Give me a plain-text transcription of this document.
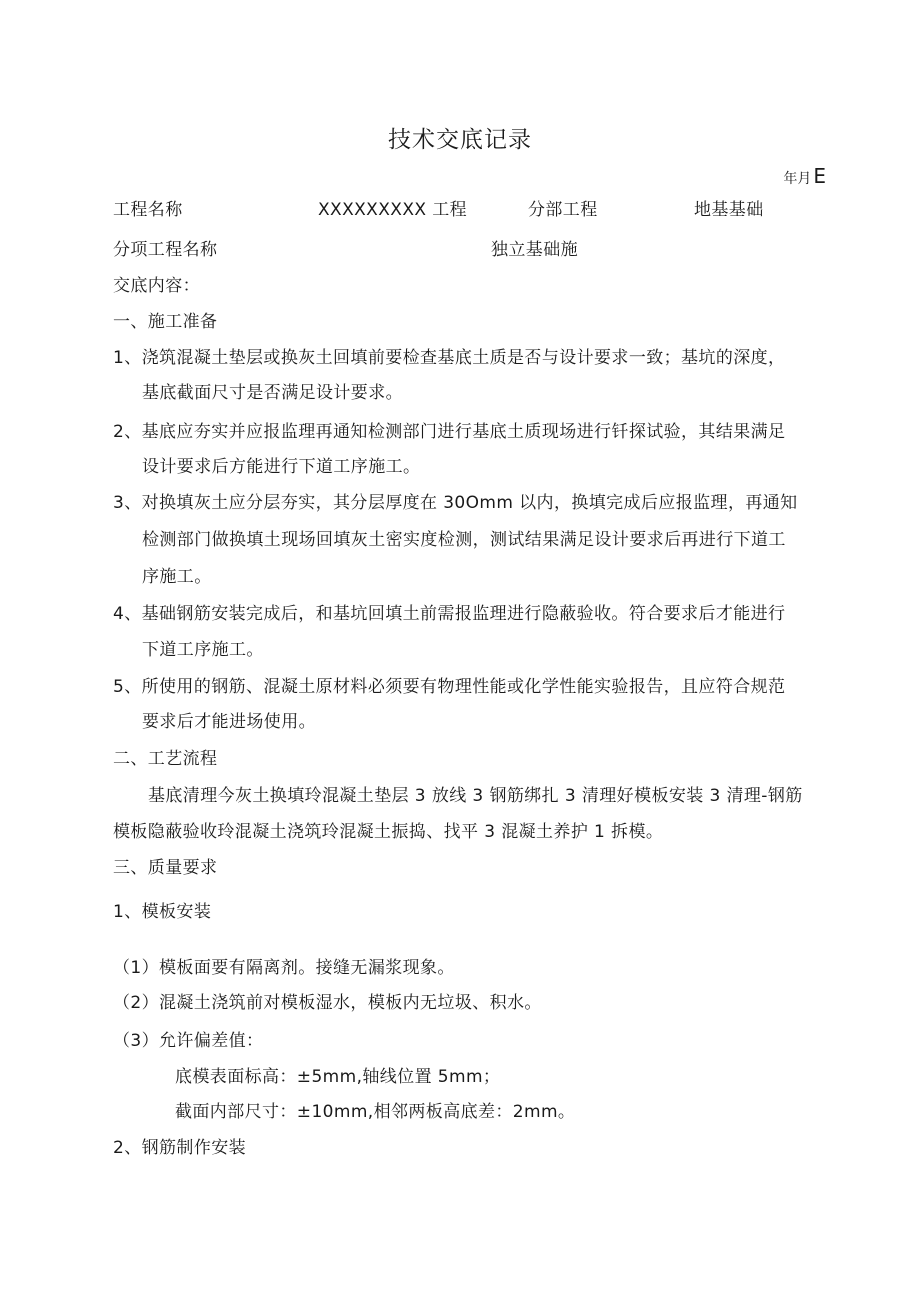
技术交底记录
年月 E
工程名称	XXXXXXXXX 工程	分部工程	地基基础
分项工程名称	独立基础施
交底内容：
一、施工准备
1、浇筑混凝土垫层或换灰土回填前要检查基底土质是否与设计要求一致；基坑的深度，
基底截面尺寸是否满足设计要求。
2、基底应夯实并应报监理再通知检测部门进行基底土质现场进行钎探试验，其结果满足
设计要求后方能进行下道工序施工。
3、对换填灰土应分层夯实，其分层厚度在 30Omm 以内，换填完成后应报监理，再通知
检测部门做换填土现场回填灰土密实度检测，测试结果满足设计要求后再进行下道工
序施工。
4、基础钢筋安装完成后，和基坑回填土前需报监理进行隐蔽验收。符合要求后才能进行
下道工序施工。
5、所使用的钢筋、混凝土原材料必须要有物理性能或化学性能实验报告，且应符合规范
要求后才能进场使用。
二、工艺流程
基底清理今灰土换填玲混凝土垫层 3 放线 3 钢筋绑扎 3 清理好模板安装 3 清理-钢筋
模板隐蔽验收玲混凝土浇筑玲混凝土振捣、找平 3 混凝土养护 1 拆模。
三、质量要求
1、模板安装
（1）模板面要有隔离剂。接缝无漏浆现象。
（2）混凝土浇筑前对模板湿水，模板内无垃圾、积水。
（3）允许偏差值：
底模表面标高：±5mm,轴线位置 5mm；
截面内部尺寸：±10mm,相邻两板高底差：2mm。
2、钢筋制作安装
